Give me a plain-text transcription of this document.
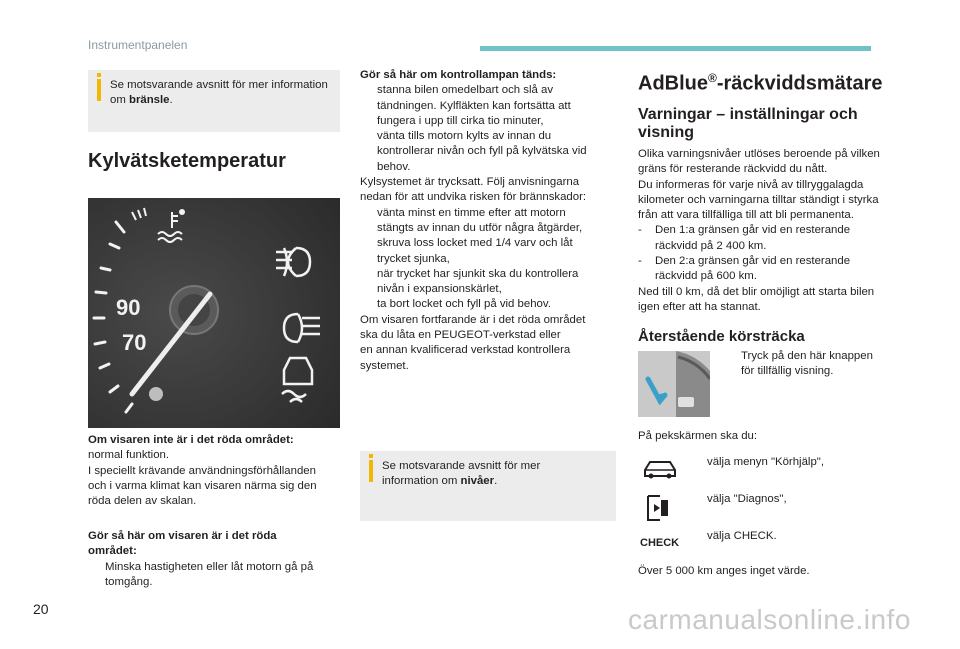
Instrumentpanelen
Se motsvarande avsnitt för mer information om bränsle.
Kylvätsketemperatur
90
70

Om visaren inte är i det röda området:

normal funktion.

I speciellt krävande användningsförhållanden

och i varma klimat kan visaren närma sig den

röda delen av skalan.

Gör så här om visaren är i det röda

området:

Minska hastigheten eller låt motorn gå på
tomgång.

Gör så här om kontrollampan tänds:

stanna bilen omedelbart och slå av
tändningen. Kylfläkten kan fortsätta att
fungera i upp till cirka tio minuter,
vänta tills motorn kylts av innan du
kontrollerar nivån och fyll på kylvätska vid
behov.

Kylsystemet är trycksatt. Följ anvisningarna

nedan för att undvika risken för brännskador:

vänta minst en timme efter att motorn
stängts av innan du utför några åtgärder,
skruva loss locket med 1/4 varv och låt
trycket sjunka,
när trycket har sjunkit ska du kontrollera
nivån i expansionskärlet,
ta bort locket och fyll på vid behov.

Om visaren fortfarande är i det röda området

ska du låta en PEUGEOT-verkstad eller

en annan kvalificerad verkstad kontrollera

systemet.

Se motsvarande avsnitt för mer

information om nivåer.

AdBlue®-räckviddsmätare
Varningar – inställningar och
visning

Olika varningsnivåer utlöses beroende på vilken

gräns för resterande räckvidd du nått.

Du informeras för varje nivå av tillryggalagda

kilometer och varningarna tilltar ständigt i styrka

från att vara tillfälliga till att bli permanenta.

- Den 1:a gränsen går vid en resterande
räckvidd på 2 400 km.
- Den 2:a gränsen går vid en resterande
räckvidd på 600 km.

Ned till 0 km, då det blir omöjligt att starta bilen

igen efter att ha stannat.

Återstående körsträcka
Tryck på den här knappen
för tillfällig visning.

På pekskärmen ska du:

välja menyn "Körhjälp",
välja "Diagnos",
CHECK
välja CHECK.

Över 5 000 km anges inget värde.

20	carmanualsonline.info
